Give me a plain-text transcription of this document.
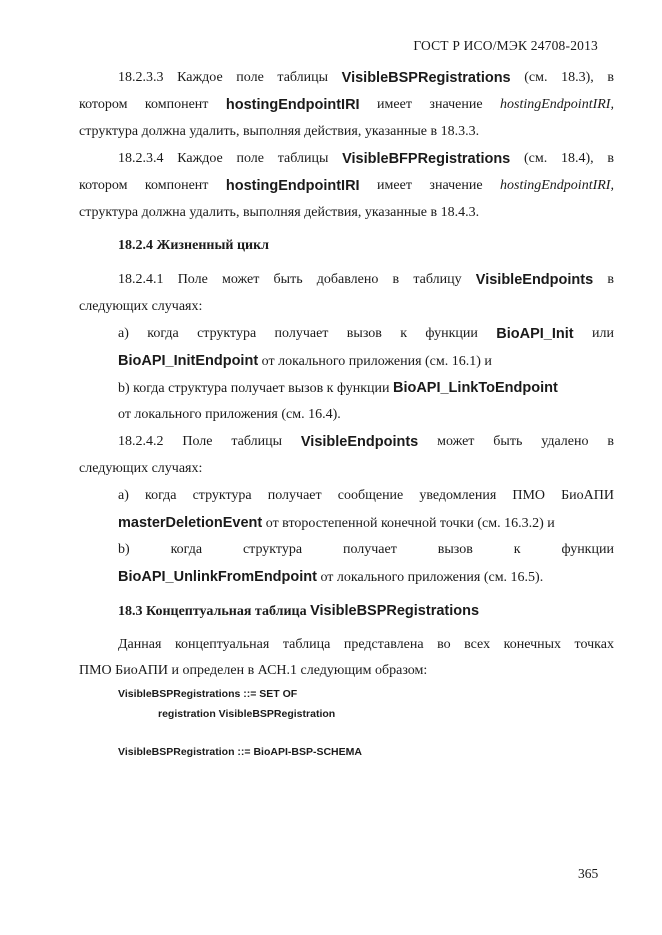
ГОСТ Р ИСО/МЭК 24708-2013
18.2.3.3 Каждое поле таблицы VisibleBSPRegistrations (см. 18.3), в
котором компонент hostingEndpointIRI имеет значение hostingEndpointIRI,
структура должна удалить, выполняя действия, указанные в 18.3.3.
18.2.3.4 Каждое поле таблицы VisibleBFPRegistrations (см. 18.4), в
котором компонент hostingEndpointIRI имеет значение hostingEndpointIRI,
структура должна удалить, выполняя действия, указанные в 18.4.3.
18.2.4 Жизненный цикл
18.2.4.1 Поле может быть добавлено в таблицу VisibleEndpoints в
следующих случаях:
а) когда структура получает вызов к функции BioAPI_Init или
BioAPI_InitEndpoint от локального приложения (см. 16.1) и
b) когда структура получает вызов к функции BioAPI_LinkToEndpoint
от локального приложения (см. 16.4).
18.2.4.2 Поле таблицы VisibleEndpoints может быть удалено в
следующих случаях:
а) когда структура получает сообщение уведомления ПМО БиоАПИ
masterDeletionEvent от второстепенной конечной точки (см. 16.3.2) и
b)	когда	структура	получает	вызов	к	функции
BioAPI_UnlinkFromEndpoint от локального приложения (см. 16.5).
18.3 Концептуальная таблица VisibleBSPRegistrations
Данная концептуальная таблица представлена во всех конечных точках
ПМО БиоАПИ и определен в АСН.1 следующим образом:
VisibleBSPRegistrations ::= SET OF
registration VisibleBSPRegistration
VisibleBSPRegistration ::= BioAPI-BSP-SCHEMA
365
